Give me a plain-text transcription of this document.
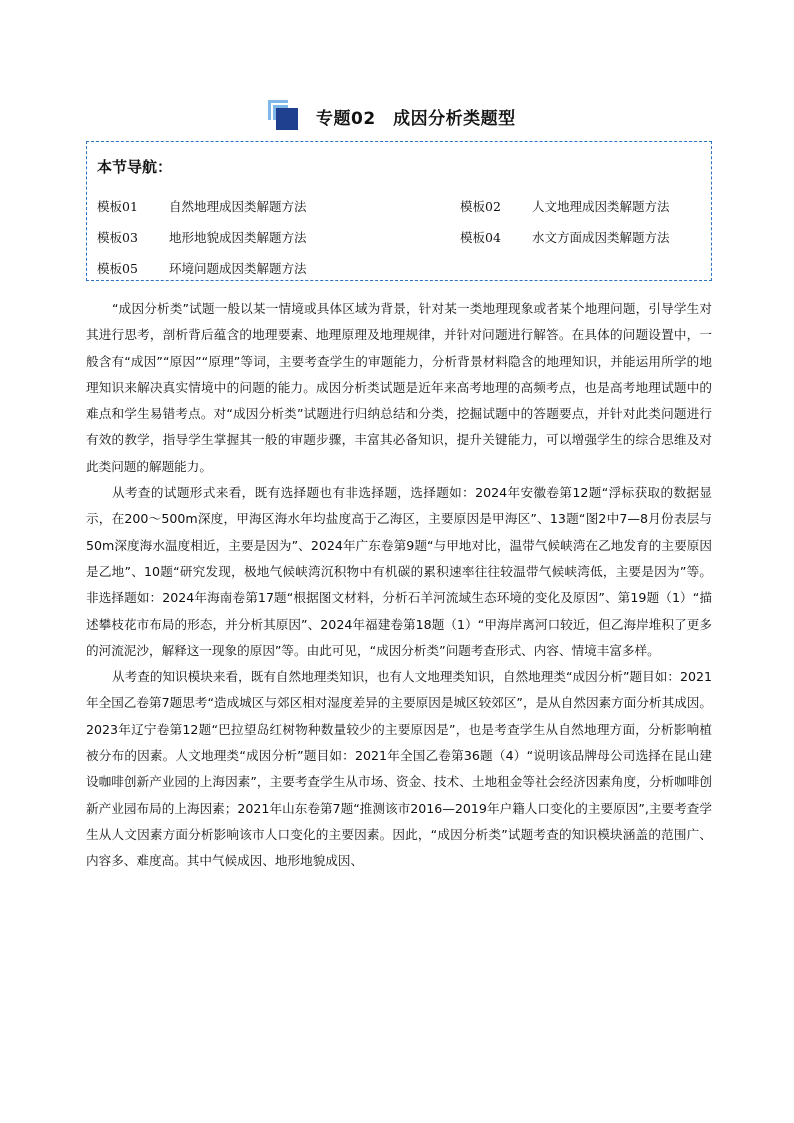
专题02　成因分析类题型
本节导航：
模板01 自然地理成因类解题方法	模板02 人文地理成因类解题方法
模板03 地形地貌成因类解题方法	模板04 水文方面成因类解题方法
模板05 环境问题成因类解题方法

“成因分析类”试题一般以某一情境或具体区域为背景，针对某一类地理现象或者某个地理问题，引导学生对其进行思考，剖析背后蕴含的地理要素、地理原理及地理规律，并针对问题进行解答。在具体的问题设置中，一般含有“成因”“原因”“原理”等词，主要考查学生的审题能力，分析背景材料隐含的地理知识，并能运用所学的地理知识来解决真实情境中的问题的能力。成因分析类试题是近年来高考地理的高频考点，也是高考地理试题中的难点和学生易错考点。对“成因分析类”试题进行归纳总结和分类，挖掘试题中的答题要点，并针对此类问题进行有效的教学，指导学生掌握其一般的审题步骤，丰富其必备知识，提升关键能力，可以增强学生的综合思维及对此类问题的解题能力。

从考查的试题形式来看，既有选择题也有非选择题，选择题如：2024年安徽卷第12题“浮标获取的数据显示，在200～500m深度，甲海区海水年均盐度高于乙海区，主要原因是甲海区”、13题“图2中7—8月份表层与50m深度海水温度相近，主要是因为”、2024年广东卷第9题“与甲地对比，温带气候峡湾在乙地发育的主要原因是乙地”、10题“研究发现，极地气候峡湾沉积物中有机碳的累积速率往往较温带气候峡湾低，主要是因为”等。非选择题如：2024年海南卷第17题“根据图文材料，分析石羊河流域生态环境的变化及原因”、第19题（1）“描述攀枝花市布局的形态，并分析其原因”、2024年福建卷第18题（1）“甲海岸离河口较近，但乙海岸堆积了更多的河流泥沙，解释这一现象的原因”等。由此可见，“成因分析类”问题考查形式、内容、情境丰富多样。

从考查的知识模块来看，既有自然地理类知识，也有人文地理类知识，自然地理类“成因分析”题目如：2021年全国乙卷第7题思考“造成城区与郊区相对湿度差异的主要原因是城区较郊区”，是从自然因素方面分析其成因。2023年辽宁卷第12题“巴拉望岛红树物种数量较少的主要原因是”，也是考查学生从自然地理方面，分析影响植被分布的因素。人文地理类“成因分析”题目如：2021年全国乙卷第36题（4）“说明该品牌母公司选择在昆山建设咖啡创新产业园的上海因素”，主要考查学生从市场、资金、技术、土地租金等社会经济因素角度，分析咖啡创新产业园布局的上海因素；2021年山东卷第7题“推测该市2016—2019年户籍人口变化的主要原因”,主要考查学生从人文因素方面分析影响该市人口变化的主要因素。因此，“成因分析类”试题考查的知识模块涵盖的范围广、内容多、难度高。其中气候成因、地形地貌成因、
